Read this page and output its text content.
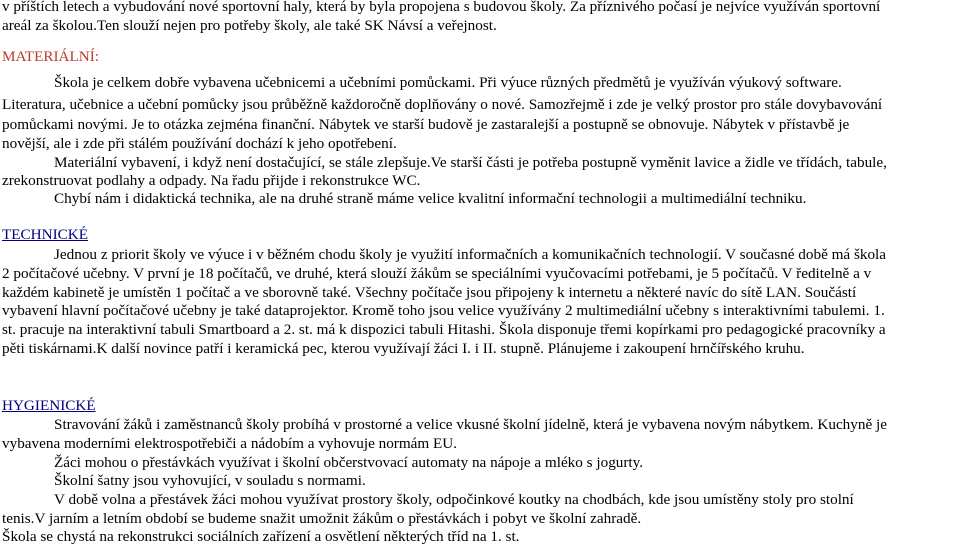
v příštích letech a vybudování nové sportovní haly, která by byla propojena s budovou školy. Za příznivého počasí je nejvíce využíván sportovní
areál za školou.Ten slouží nejen pro potřeby školy, ale také SK Návsí a veřejnost.
MATERIÁLNÍ:
Škola je celkem dobře vybavena učebnicemi a učebními pomůckami. Při výuce různých předmětů je využíván výukový software.
Literatura, učebnice a učební pomůcky jsou průběžně každoročně doplňovány o nové. Samozřejmě i zde je velký prostor pro stále dovybavování
pomůckami novými. Je to otázka zejména finanční. Nábytek ve starší budově je zastaralejší a postupně se obnovuje. Nábytek v přístavbě je
novější, ale i zde při stálém používání dochází k jeho opotřebení.
Materiální vybavení, i když není dostačující, se stále zlepšuje.Ve starší části je potřeba postupně vyměnit lavice a židle ve třídách, tabule,
zrekonstruovat podlahy a odpady. Na řadu přijde i rekonstrukce WC.
Chybí nám i didaktická technika, ale na druhé straně máme velice kvalitní informační technologii a multimediální techniku.
TECHNICKÉ
Jednou z priorit školy ve výuce i v běžném chodu školy je využití informačních a komunikačních technologií. V současné době má škola
2 počítačové učebny. V první je 18 počítačů, ve druhé, která slouží žákům se speciálními vyučovacími potřebami, je 5 počítačů. V ředitelně a v
každém kabinetě je umístěn 1 počítač a ve sborovně také. Všechny počítače jsou připojeny k internetu a některé navíc do sítě LAN. Součástí
vybavení hlavní počítačové učebny je také dataprojektor. Kromě toho jsou velice využívány 2 multimediální učebny s interaktivními tabulemi. 1.
st. pracuje na interaktivní tabuli Smartboard a 2. st. má k dispozici tabuli Hitashi. Škola disponuje třemi kopírkami pro pedagogické pracovníky a
pěti tiskárnami.K další novince patří i keramická pec, kterou využívají žáci I. i II. stupně. Plánujeme i zakoupení hrnčířského kruhu.
HYGIENICKÉ
Stravování žáků i zaměstnanců školy probíhá v prostorné a velice vkusné školní jídelně, která je vybavena novým nábytkem. Kuchyně je
vybavena moderními elektrospotřebiči a nádobím a vyhovuje normám EU.
Žáci mohou o přestávkách využívat i školní občerstvovací automaty na nápoje a mléko s jogurty.
Školní šatny jsou vyhovující, v souladu s normami.
V době volna a přestávek žáci mohou využívat prostory školy, odpočinkové koutky na chodbách, kde jsou umístěny stoly pro stolní
tenis.V jarním a letním období se budeme snažit umožnit žákům o přestávkách i pobyt ve školní zahradě.
Škola se chystá na rekonstrukci sociálních zařízení a osvětlení některých tříd na 1. st.
